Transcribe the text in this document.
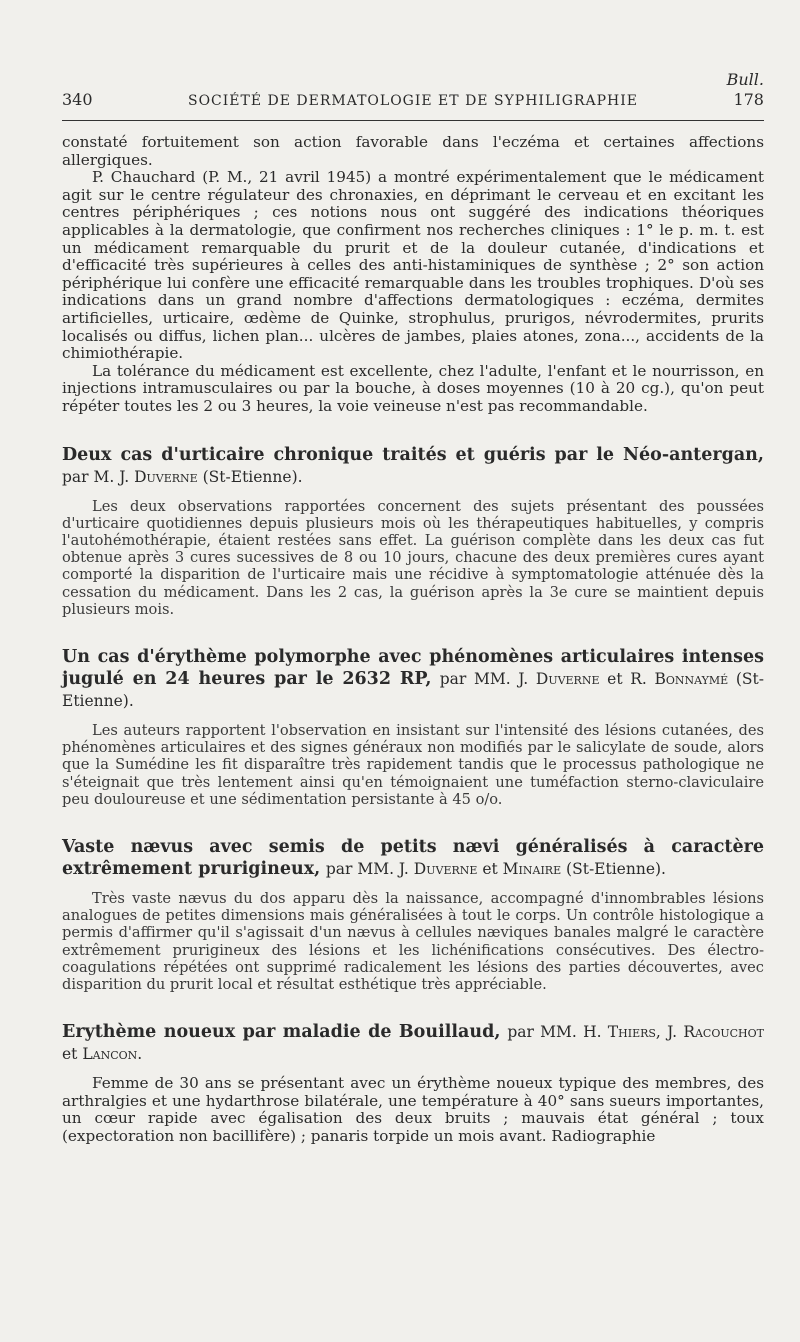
Bull.
340	SOCIÉTÉ DE DERMATOLOGIE ET DE SYPHILIGRAPHIE	178

constaté fortuitement son action favorable dans l'eczéma et certaines affections allergiques.

P. Chauchard (P. M., 21 avril 1945) a montré expérimentalement que le médicament agit sur le centre régulateur des chronaxies, en déprimant le cerveau et en excitant les centres périphériques ; ces notions nous ont suggéré des indications théoriques applicables à la dermatologie, que confirment nos recherches cliniques : 1° le p. m. t. est un médicament remarquable du prurit et de la douleur cutanée, d'indications et d'efficacité très supérieures à celles des anti-histaminiques de synthèse ; 2° son action périphérique lui confère une efficacité remarquable dans les troubles trophiques. D'où ses indications dans un grand nombre d'affections dermatologiques : eczéma, dermites artificielles, urticaire, œdème de Quinke, strophulus, prurigos, névrodermites, prurits localisés ou diffus, lichen plan... ulcères de jambes, plaies atones, zona..., accidents de la chimiothérapie.

La tolérance du médicament est excellente, chez l'adulte, l'enfant et le nourrisson, en injections intramusculaires ou par la bouche, à doses moyennes (10 à 20 cg.), qu'on peut répéter toutes les 2 ou 3 heures, la voie veineuse n'est pas recommandable.

Deux cas d'urticaire chronique traités et guéris par le Néo-antergan, par M. J. Duverne (St-Etienne).

Les deux observations rapportées concernent des sujets présentant des poussées d'urticaire quotidiennes depuis plusieurs mois où les thérapeutiques habituelles, y compris l'autohémothérapie, étaient restées sans effet. La guérison complète dans les deux cas fut obtenue après 3 cures sucessives de 8 ou 10 jours, chacune des deux premières cures ayant comporté la disparition de l'urticaire mais une récidive à symptomatologie atténuée dès la cessation du médicament. Dans les 2 cas, la guérison après la 3e cure se maintient depuis plusieurs mois.

Un cas d'érythème polymorphe avec phénomènes articulaires intenses jugulé en 24 heures par le 2632 RP, par MM. J. Duverne et R. Bonnaymé (St-Etienne).

Les auteurs rapportent l'observation en insistant sur l'intensité des lésions cutanées, des phénomènes articulaires et des signes généraux non modifiés par le salicylate de soude, alors que la Sumédine les fit disparaître très rapidement tandis que le processus pathologique ne s'éteignait que très lentement ainsi qu'en témoignaient une tuméfaction sterno-claviculaire peu douloureuse et une sédimentation persistante à 45 o/o.

Vaste nævus avec semis de petits nævi généralisés à caractère extrêmement prurigineux, par MM. J. Duverne et Minaire (St-Etienne).

Très vaste nævus du dos apparu dès la naissance, accompagné d'innombrables lésions analogues de petites dimensions mais généralisées à tout le corps. Un contrôle histologique a permis d'affirmer qu'il s'agissait d'un nævus à cellules næviques banales malgré le caractère extrêmement prurigineux des lésions et les lichénifications consécutives. Des électro-coagulations répétées ont supprimé radicalement les lésions des parties découvertes, avec disparition du prurit local et résultat esthétique très appréciable.

Erythème noueux par maladie de Bouillaud, par MM. H. Thiers, J. Racouchot et Lancon.

Femme de 30 ans se présentant avec un érythème noueux typique des membres, des arthralgies et une hydarthrose bilatérale, une température à 40° sans sueurs importantes, un cœur rapide avec égalisation des deux bruits ; mauvais état général ; toux (expectoration non bacillifère) ; panaris torpide un mois avant. Radiographie
